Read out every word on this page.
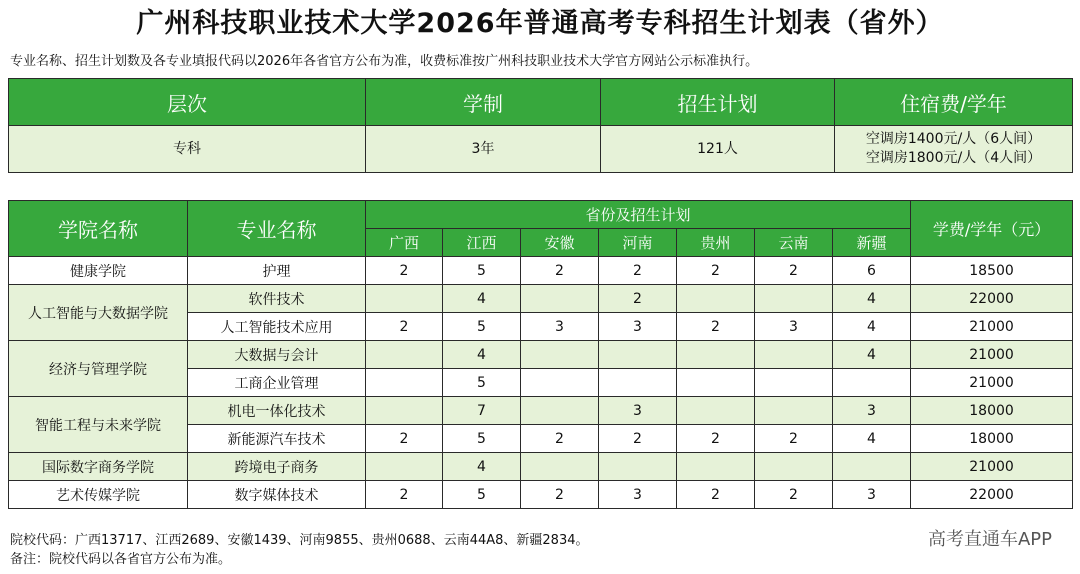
广州科技职业技术大学2026年普通高考专科招生计划表（省外）
专业名称、招生计划数及各专业填报代码以2026年各省官方公布为准，收费标准按广州科技职业技术大学官方网站公示标准执行。
层次	学制	招生计划	住宿费/学年
专科	3年	121人	空调房1400元/人（6人间）
空调房1800元/人（4人间）
学院名称	专业名称	省份及招生计划							学费/学年（元）
		广西	江西	安徽	河南	贵州	云南	新疆	
健康学院	护理	2	5	2	2	2	2	6	18500
人工智能与大数据学院	软件技术		4		2			4	22000
	人工智能技术应用	2	5	3	3	2	3	4	21000
经济与管理学院	大数据与会计		4					4	21000
	工商企业管理		5						21000
智能工程与未来学院	机电一体化技术		7		3			3	18000
	新能源汽车技术	2	5	2	2	2	2	4	18000
国际数字商务学院	跨境电子商务		4						21000
艺术传媒学院	数字媒体技术	2	5	2	3	2	2	3	22000
院校代码：广西13717、江西2689、安徽1439、河南9855、贵州0688、云南44A8、新疆2834。
备注：院校代码以各省官方公布为准。
高考直通车APP
